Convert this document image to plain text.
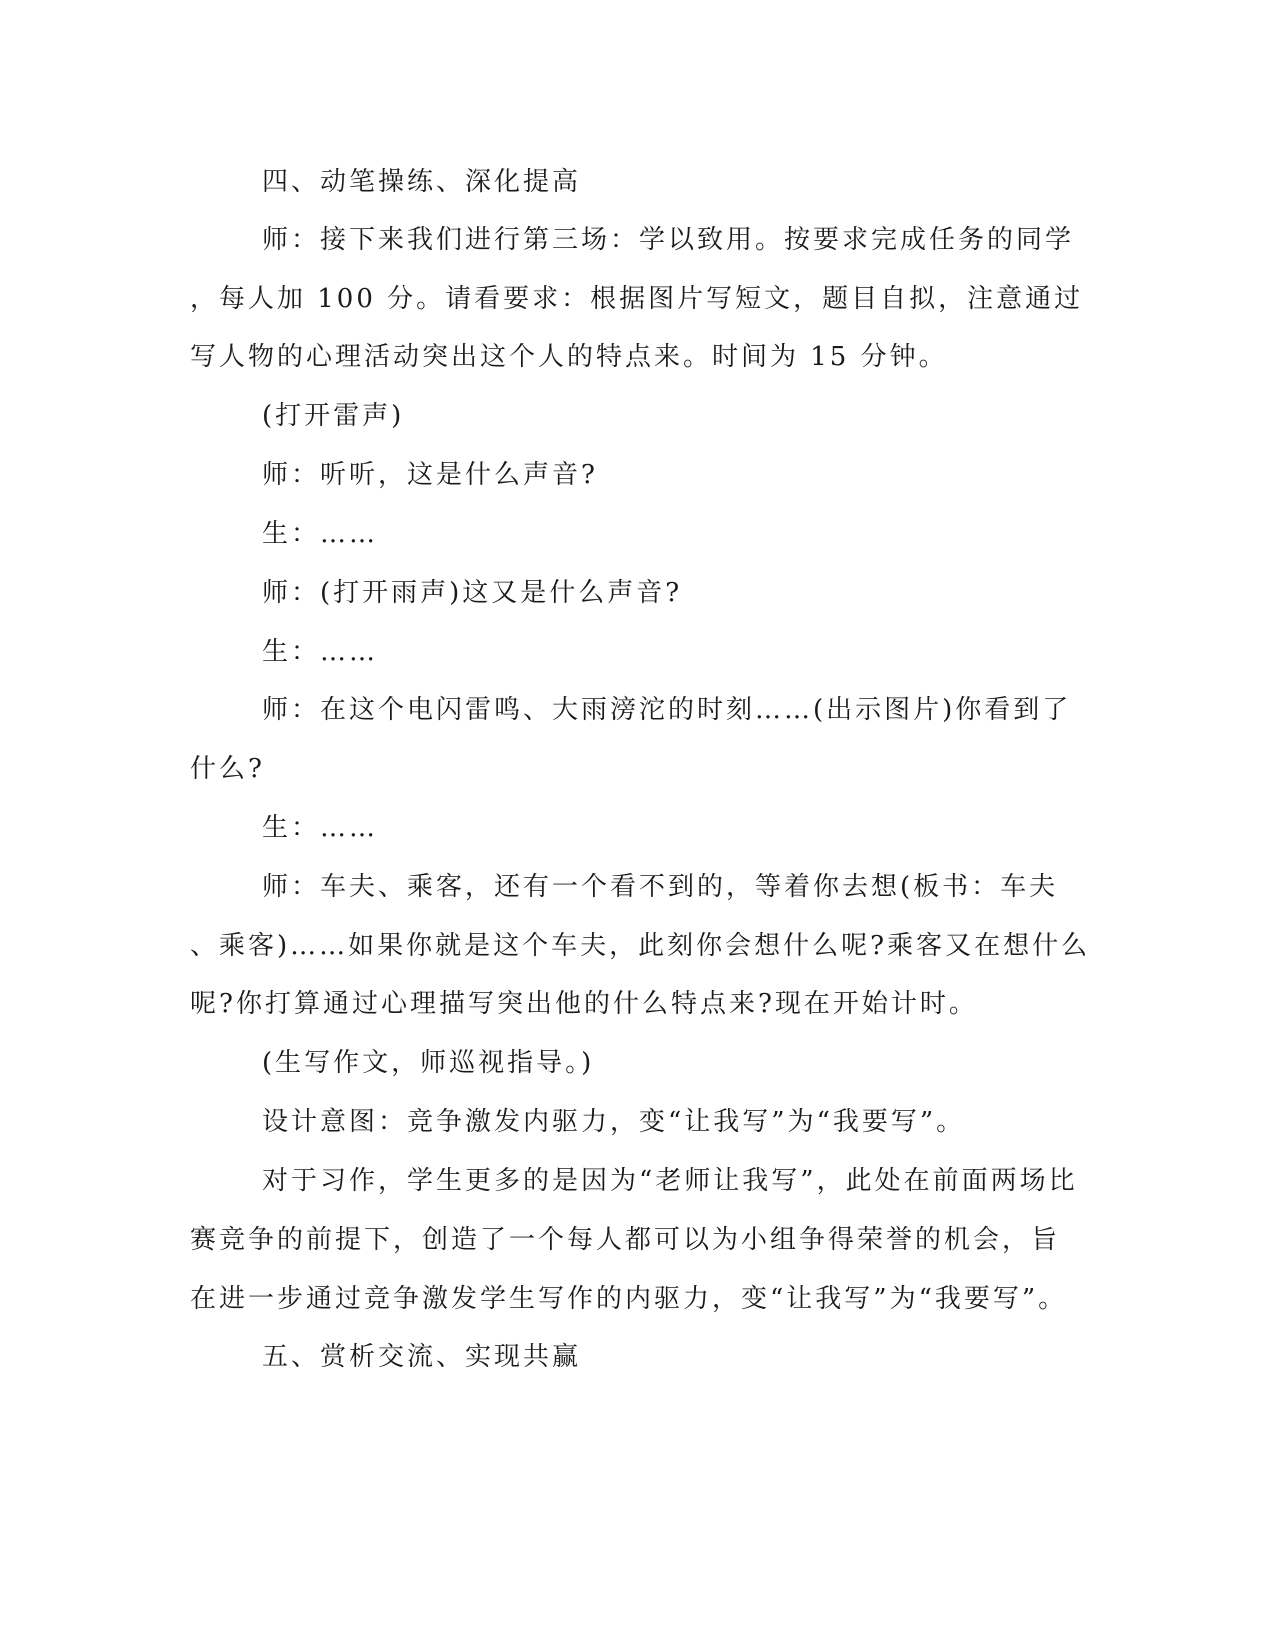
四、动笔操练、深化提高
师：接下来我们进行第三场：学以致用。按要求完成任务的同学
，每人加 100 分。请看要求：根据图片写短文，题目自拟，注意通过
写人物的心理活动突出这个人的特点来。时间为 15 分钟。
(打开雷声)
师：听听，这是什么声音?
生：……
师：(打开雨声)这又是什么声音?
生：……
师：在这个电闪雷鸣、大雨滂沱的时刻……(出示图片)你看到了
什么?
生：……
师：车夫、乘客，还有一个看不到的，等着你去想(板书：车夫
、乘客)……如果你就是这个车夫，此刻你会想什么呢?乘客又在想什么
呢?你打算通过心理描写突出他的什么特点来?现在开始计时。
(生写作文，师巡视指导。)
设计意图：竞争激发内驱力，变“让我写”为“我要写”。
对于习作，学生更多的是因为“老师让我写”，此处在前面两场比
赛竞争的前提下，创造了一个每人都可以为小组争得荣誉的机会，旨
在进一步通过竞争激发学生写作的内驱力，变“让我写”为“我要写”。
五、赏析交流、实现共赢
